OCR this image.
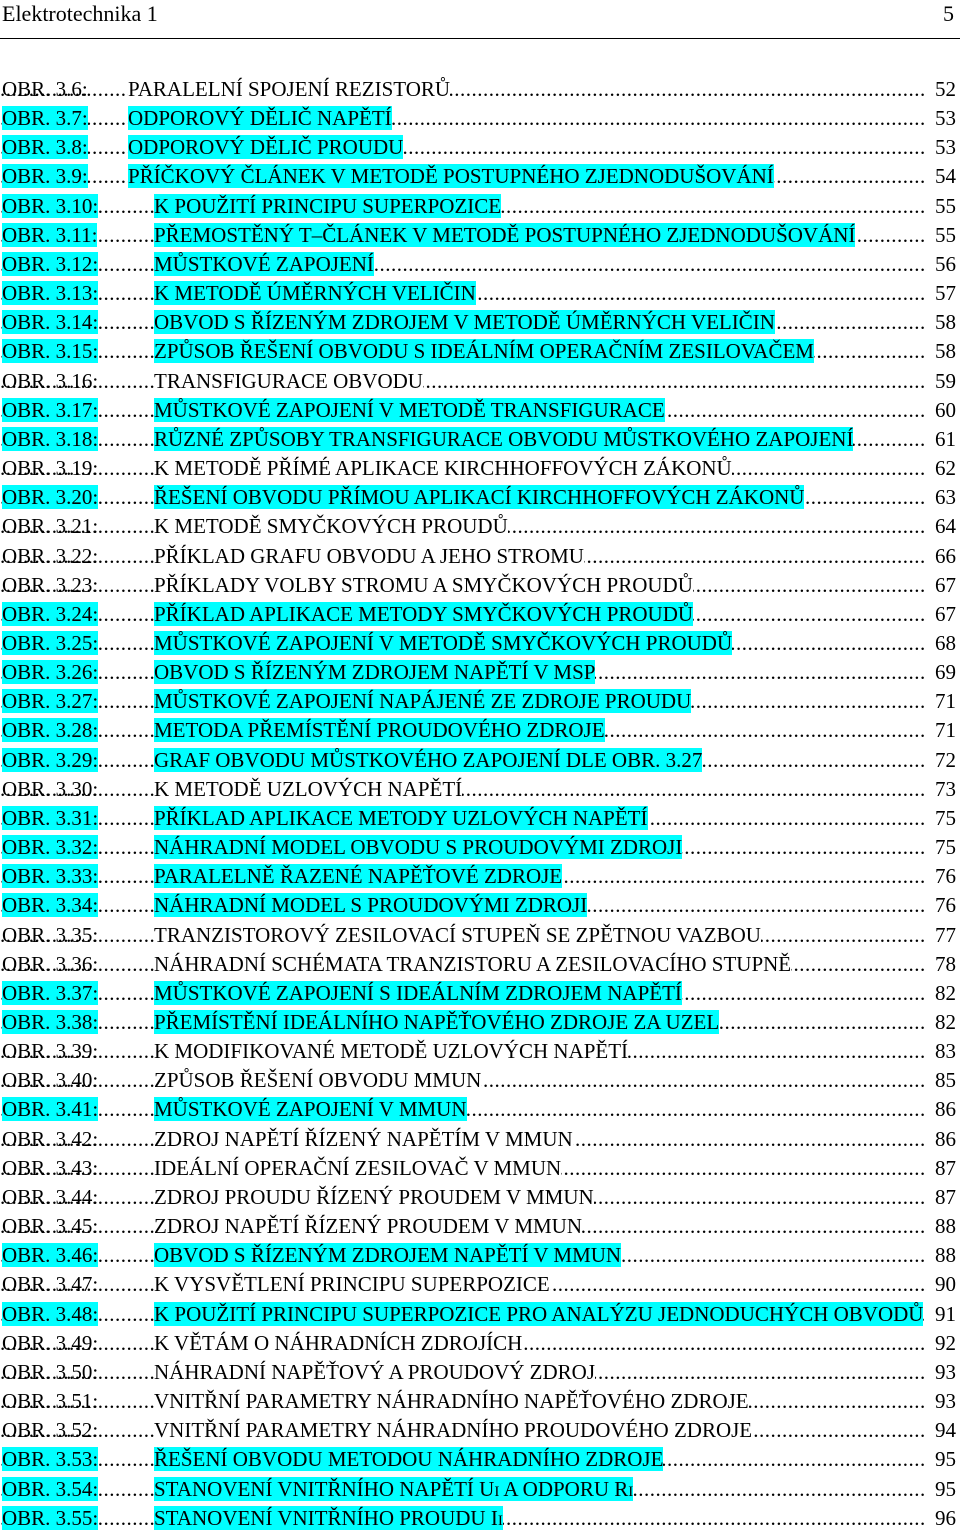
Elektrotechnika 1	5
.....
OBR. 3.6: PARALELNÍ SPOJENÍ REZISTORŮ	52
.....
OBR. 3.7: ODPOROVÝ DĚLIČ NAPĚTÍ	53
.....
OBR. 3.8: ODPOROVÝ DĚLIČ PROUDU	53
.....
OBR. 3.9: PŘÍČKOVÝ ČLÁNEK V METODĚ POSTUPNÉHO ZJEDNODUŠOVÁNÍ	54
.....
OBR. 3.10:	K POUŽITÍ PRINCIPU SUPERPOZICE	55
.....
OBR. 3.11:	PŘEMOSTĚNÝ T–ČLÁNEK V METODĚ POSTUPNÉHO ZJEDNODUŠOVÁNÍ	55
.....
OBR. 3.12:	MŮSTKOVÉ ZAPOJENÍ	56
.....
OBR. 3.13:	K METODĚ ÚMĚRNÝCH VELIČIN	57
.....
OBR. 3.14:	OBVOD S ŘÍZENÝM ZDROJEM V METODĚ ÚMĚRNÝCH VELIČIN	58
.....
OBR. 3.15:	ZPŮSOB ŘEŠENÍ OBVODU S IDEÁLNÍM OPERAČNÍM ZESILOVAČEM	58
.....
OBR. 3.16:	TRANSFIGURACE OBVODU	59
.....
OBR. 3.17:	MŮSTKOVÉ ZAPOJENÍ V METODĚ TRANSFIGURACE	60
.....
OBR. 3.18:	RŮZNÉ ZPŮSOBY TRANSFIGURACE OBVODU MŮSTKOVÉHO ZAPOJENÍ	61
.....
OBR. 3.19:	K METODĚ PŘÍMÉ APLIKACE KIRCHHOFFOVÝCH ZÁKONŮ	62
.....
OBR. 3.20:	ŘEŠENÍ OBVODU PŘÍMOU APLIKACÍ KIRCHHOFFOVÝCH ZÁKONŮ	63
.....
OBR. 3.21:	K METODĚ SMYČKOVÝCH PROUDŮ	64
.....
OBR. 3.22:	PŘÍKLAD GRAFU OBVODU A JEHO STROMU	66
.....
OBR. 3.23:	PŘÍKLADY VOLBY STROMU A SMYČKOVÝCH PROUDŮ	67
.....
OBR. 3.24:	PŘÍKLAD APLIKACE METODY SMYČKOVÝCH PROUDŮ	67
.....
OBR. 3.25:	MŮSTKOVÉ ZAPOJENÍ V METODĚ SMYČKOVÝCH PROUDŮ	68
.....
OBR. 3.26:	OBVOD S ŘÍZENÝM ZDROJEM NAPĚTÍ V MSP	69
.....
OBR. 3.27:	MŮSTKOVÉ ZAPOJENÍ NAPÁJENÉ ZE ZDROJE PROUDU	71
.....
OBR. 3.28:	METODA PŘEMÍSTĚNÍ PROUDOVÉHO ZDROJE	71
.....
OBR. 3.29:	GRAF OBVODU MŮSTKOVÉHO ZAPOJENÍ DLE OBR. 3.27	72
.....
OBR. 3.30:	K METODĚ UZLOVÝCH NAPĚTÍ	73
.....
OBR. 3.31:	PŘÍKLAD APLIKACE METODY UZLOVÝCH NAPĚTÍ	75
.....
OBR. 3.32:	NÁHRADNÍ MODEL OBVODU S PROUDOVÝMI ZDROJI	75
.....
OBR. 3.33:	PARALELNĚ ŘAZENÉ NAPĚŤOVÉ ZDROJE	76
.....
OBR. 3.34:	NÁHRADNÍ MODEL S PROUDOVÝMI ZDROJI	76
.....
OBR. 3.35:	TRANZISTOROVÝ ZESILOVACÍ STUPEŇ SE ZPĚTNOU VAZBOU	77
.....
OBR. 3.36:	NÁHRADNÍ SCHÉMATA TRANZISTORU A ZESILOVACÍHO STUPNĚ	78
.....
OBR. 3.37:	MŮSTKOVÉ ZAPOJENÍ S IDEÁLNÍM ZDROJEM NAPĚTÍ	82
.....
OBR. 3.38:	PŘEMÍSTĚNÍ IDEÁLNÍHO NAPĚŤOVÉHO ZDROJE ZA UZEL	82
.....
OBR. 3.39:	K MODIFIKOVANÉ METODĚ UZLOVÝCH NAPĚTÍ	83
.....
OBR. 3.40:	ZPŮSOB ŘEŠENÍ OBVODU MMUN	85
.....
OBR. 3.41:	MŮSTKOVÉ ZAPOJENÍ V MMUN	86
.....
OBR. 3.42:	ZDROJ NAPĚTÍ ŘÍZENÝ NAPĚTÍM V MMUN	86
.....
OBR. 3.43:	IDEÁLNÍ OPERAČNÍ ZESILOVAČ V MMUN	87
.....
OBR. 3.44:	ZDROJ PROUDU ŘÍZENÝ PROUDEM V MMUN	87
.....
OBR. 3.45:	ZDROJ NAPĚTÍ ŘÍZENÝ PROUDEM V MMUN	88
.....
OBR. 3.46:	OBVOD S ŘÍZENÝM ZDROJEM NAPĚTÍ V MMUN	88
.....
OBR. 3.47:	K VYSVĚTLENÍ PRINCIPU SUPERPOZICE	90
.....
OBR. 3.48:	K POUŽITÍ PRINCIPU SUPERPOZICE PRO ANALÝZU JEDNODUCHÝCH OBVODŮ 91
.....
OBR. 3.49:	K VĚTÁM O NÁHRADNÍCH ZDROJÍCH	92
.....
OBR. 3.50:	NÁHRADNÍ NAPĚŤOVÝ A PROUDOVÝ ZDROJ	93
.....
OBR. 3.51:	VNITŘNÍ PARAMETRY NÁHRADNÍHO NAPĚŤOVÉHO ZDROJE	93
.....
OBR. 3.52:	VNITŘNÍ PARAMETRY NÁHRADNÍHO PROUDOVÉHO ZDROJE	94
.....
OBR. 3.53:	ŘEŠENÍ OBVODU METODOU NÁHRADNÍHO ZDROJE	95
.....
OBR. 3.54:	STANOVENÍ VNITŘNÍHO NAPĚTÍ Ui A ODPORU Ri	95
.....
OBR. 3.55:	STANOVENÍ VNITŘNÍHO PROUDU Ii	96
